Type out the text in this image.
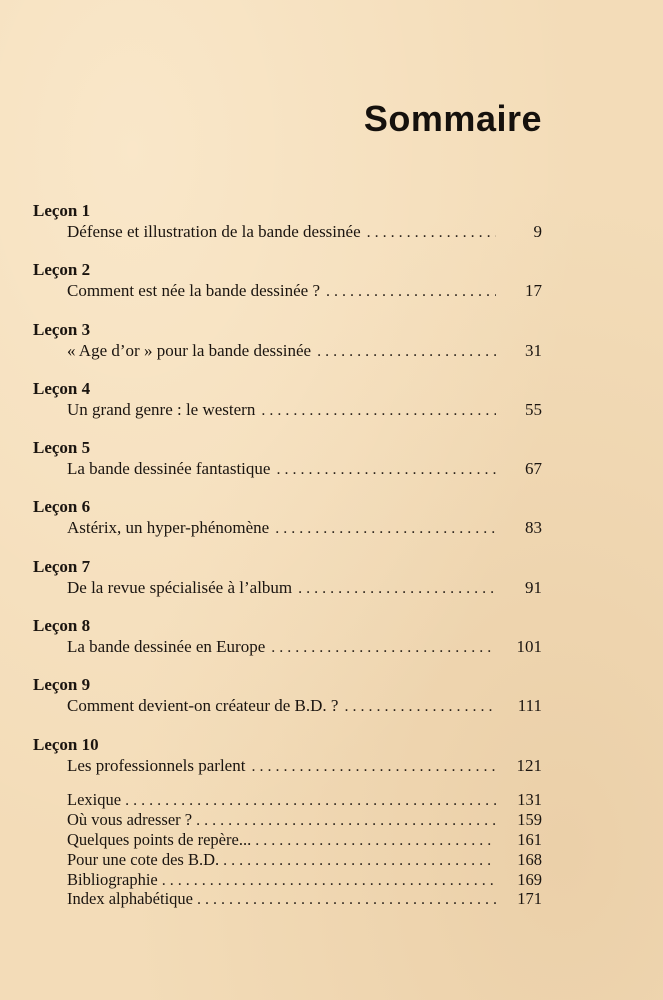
Sommaire
Leçon 1
Défense et illustration de la bande dessinée . . .	9
Leçon 2
Comment est née la bande dessinée ? . . .	17
Leçon 3
« Age d’or » pour la bande dessinée . . .	31
Leçon 4
Un grand genre : le western . . .	55
Leçon 5
La bande dessinée fantastique . . .	67
Leçon 6
Astérix, un hyper-phénomène . . .	83
Leçon 7
De la revue spécialisée à l’album . . .	91
Leçon 8
La bande dessinée en Europe . . .	101
Leçon 9
Comment devient-on créateur de B.D. ? . . .	111
Leçon 10
Les professionnels parlent . . .	121
Lexique . . .	131
Où vous adresser ? . . .	159
Quelques points de repère... . . .	161
Pour une cote des B.D. . . .	168
Bibliographie . . .	169
Index alphabétique . . .	171
